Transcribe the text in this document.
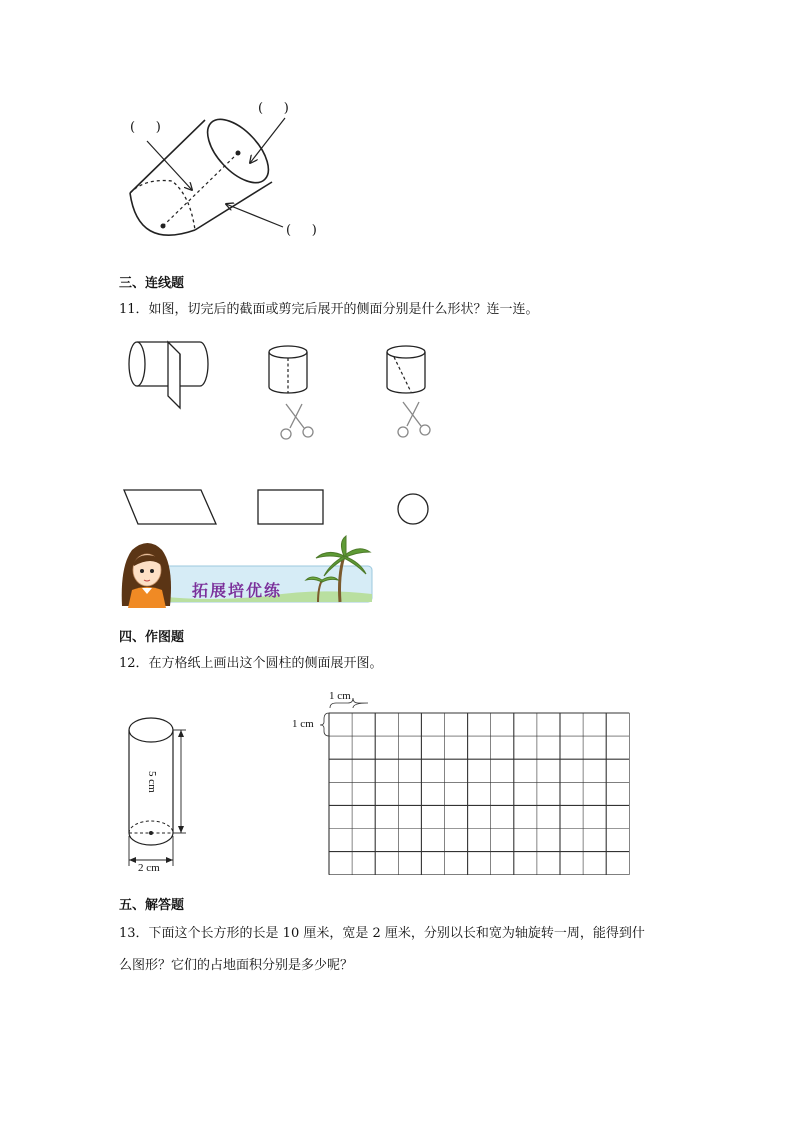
(     )
(     )
(     )
三、连线题
11．如图，切完后的截面或剪完后展开的侧面分别是什么形状？连一连。
拓展培优练
四、作图题
12．在方格纸上画出这个圆柱的侧面展开图。
5 cm
2 cm
1 cm
1 cm
五、解答题
13．下面这个长方形的长是 10 厘米，宽是 2 厘米，分别以长和宽为轴旋转一周，能得到什
么图形？它们的占地面积分别是多少呢？
